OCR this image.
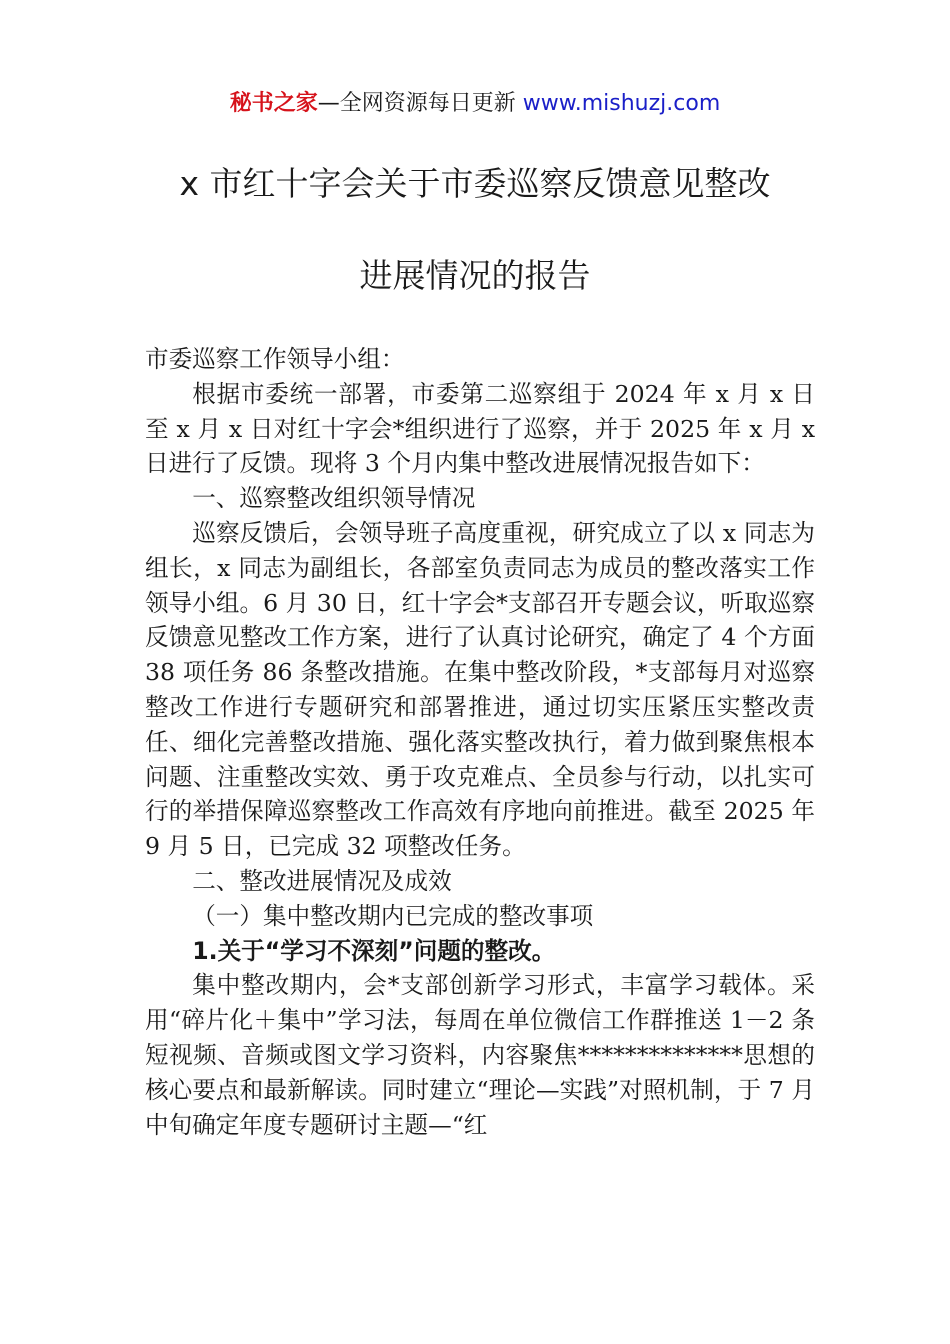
秘书之家—全网资源每日更新 www.mishuzj.com
x 市红十字会关于市委巡察反馈意见整改
进展情况的报告

市委巡察工作领导小组：

根据市委统一部署，市委第二巡察组于 2024 年 x 月 x 日至 x 月 x 日对红十字会*组织进行了巡察，并于 2025 年 x 月 x 日进行了反馈。现将 3 个月内集中整改进展情况报告如下：

一、巡察整改组织领导情况

巡察反馈后，会领导班子高度重视，研究成立了以 x 同志为组长，x 同志为副组长，各部室负责同志为成员的整改落实工作领导小组。6 月 30 日，红十字会*支部召开专题会议，听取巡察反馈意见整改工作方案，进行了认真讨论研究，确定了 4 个方面 38 项任务 86 条整改措施。在集中整改阶段，*支部每月对巡察整改工作进行专题研究和部署推进，通过切实压紧压实整改责任、细化完善整改措施、强化落实整改执行，着力做到聚焦根本问题、注重整改实效、勇于攻克难点、全员参与行动，以扎实可行的举措保障巡察整改工作高效有序地向前推进。截至 2025 年 9 月 5 日，已完成 32 项整改任务。

二、整改进展情况及成效

（一）集中整改期内已完成的整改事项

1.关于“学习不深刻”问题的整改。

集中整改期内，会*支部创新学习形式，丰富学习载体。采用“碎片化＋集中”学习法，每周在单位微信工作群推送 1－2 条短视频、音频或图文学习资料，内容聚焦**************思想的核心要点和最新解读。同时建立“理论—实践”对照机制，于 7 月中旬确定年度专题研讨主题—“红
